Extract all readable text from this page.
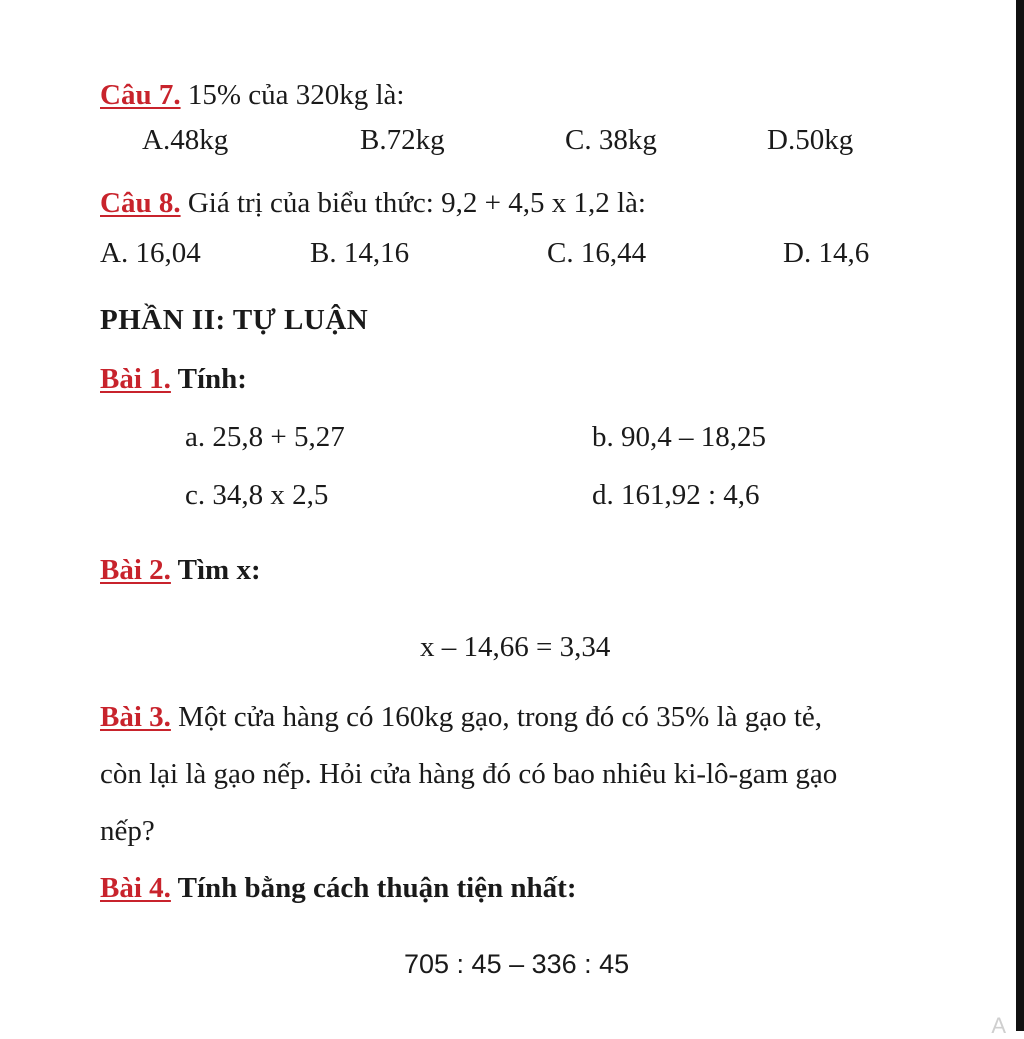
Câu 7. 15% của 320kg là:
A.48kg	B.72kg	C. 38kg	D.50kg
Câu 8. Giá trị của biểu thức: 9,2 + 4,5 x 1,2 là:
A. 16,04	B. 14,16	C. 16,44	D. 14,6
PHẦN II: TỰ LUẬN
Bài 1. Tính:
a. 25,8 + 5,27	b. 90,4 – 18,25
c. 34,8 x 2,5	d. 161,92 : 4,6
Bài 2. Tìm x:
x – 14,66 = 3,34
Bài 3. Một cửa hàng có 160kg gạo, trong đó có 35% là gạo tẻ,
còn lại là gạo nếp. Hỏi cửa hàng đó có bao nhiêu ki-lô-gam gạo
nếp?
Bài 4. Tính bằng cách thuận tiện nhất:
705 : 45 – 336 : 45
A
